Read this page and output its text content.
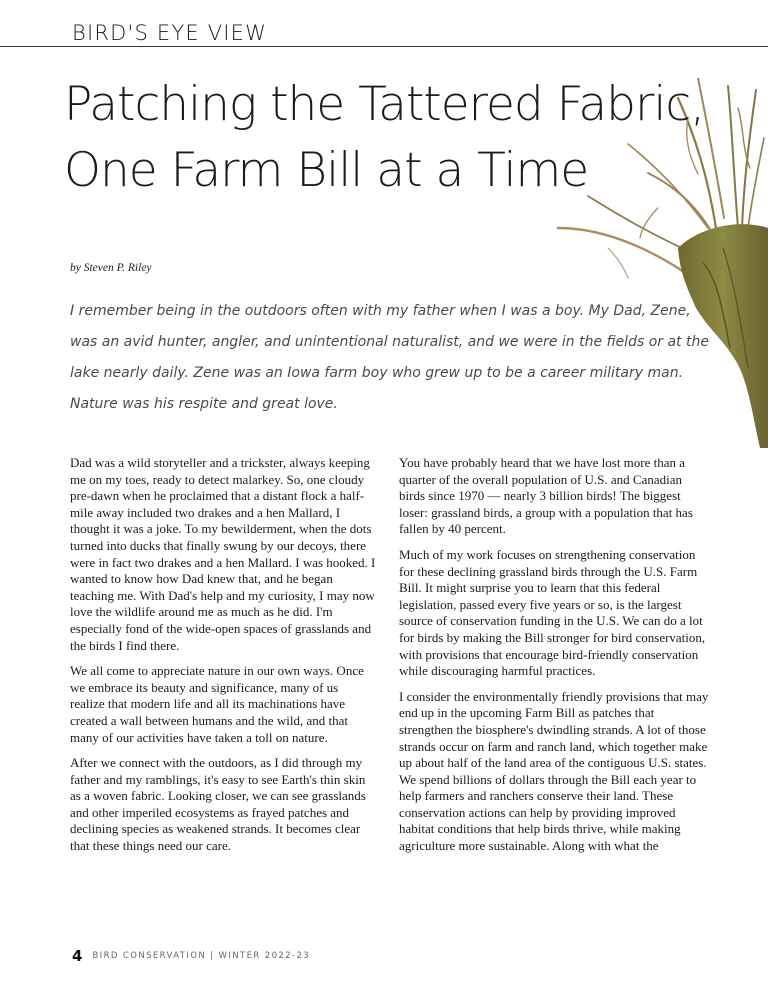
BIRD'S EYE VIEW
Patching the Tattered Fabric,
One Farm Bill at a Time

by Steven P. Riley

I remember being in the outdoors often with my father when I was a boy. My Dad, Zene, was an avid hunter, angler, and unintentional naturalist, and we were in the fields or at the lake nearly daily. Zene was an Iowa farm boy who grew up to be a career military man. Nature was his respite and great love.

Dad was a wild storyteller and a trickster, always keeping me on my toes, ready to detect malarkey. So, one cloudy pre-dawn when he proclaimed that a distant flock a half-mile away included two drakes and a hen Mallard, I thought it was a joke. To my bewilderment, when the dots turned into ducks that finally swung by our decoys, there were in fact two drakes and a hen Mallard. I was hooked. I wanted to know how Dad knew that, and he began teaching me. With Dad's help and my curiosity, I may now love the wildlife around me as much as he did. I'm especially fond of the wide-open spaces of grasslands and the birds I find there.

We all come to appreciate nature in our own ways. Once we embrace its beauty and significance, many of us realize that modern life and all its machinations have created a wall between humans and the wild, and that many of our activities have taken a toll on nature.

After we connect with the outdoors, as I did through my father and my ramblings, it's easy to see Earth's thin skin as a woven fabric. Looking closer, we can see grasslands and other imperiled ecosystems as frayed patches and declining species as weakened strands. It becomes clear that these things need our care.

You have probably heard that we have lost more than a quarter of the overall population of U.S. and Canadian birds since 1970 — nearly 3 billion birds! The biggest loser: grassland birds, a group with a population that has fallen by 40 percent.

Much of my work focuses on strengthening conservation for these declining grassland birds through the U.S. Farm Bill. It might surprise you to learn that this federal legislation, passed every five years or so, is the largest source of conservation funding in the U.S. We can do a lot for birds by making the Bill stronger for bird conservation, with provisions that encourage bird-friendly conservation while discouraging harmful practices.

I consider the environmentally friendly provisions that may end up in the upcoming Farm Bill as patches that strengthen the biosphere's dwindling strands. A lot of those strands occur on farm and ranch land, which together make up about half of the land area of the contiguous U.S. states. We spend billions of dollars through the Bill each year to help farmers and ranchers conserve their land. These conservation actions can help by providing improved habitat conditions that help birds thrive, while making agriculture more sustainable. Along with what the

4 BIRD CONSERVATION | WINTER 2022-23
